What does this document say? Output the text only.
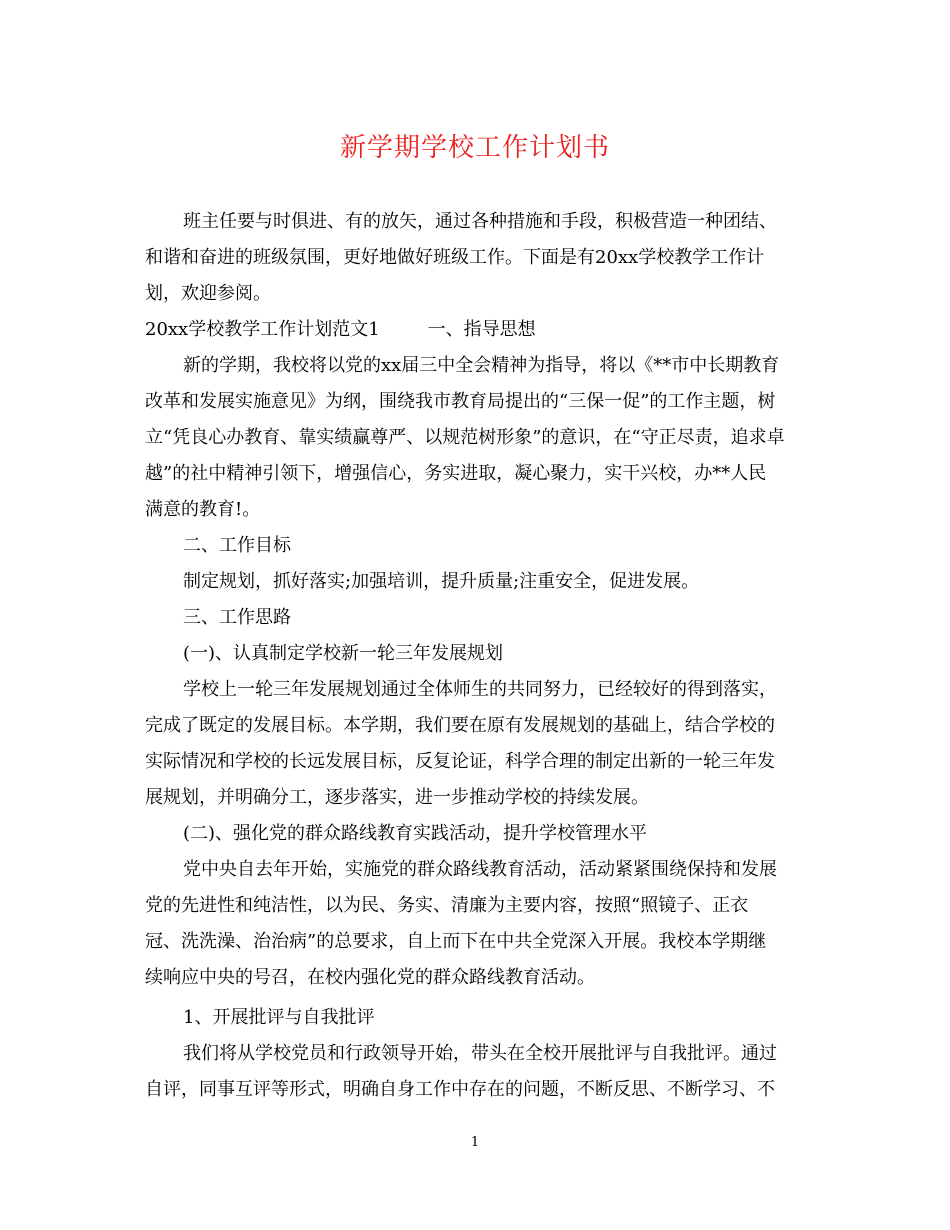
新学期学校工作计划书
班主任要与时俱进、有的放矢，通过各种措施和手段，积极营造一种团结、
和谐和奋进的班级氛围，更好地做好班级工作。下面是有20xx学校教学工作计
划，欢迎参阅。
20xx学校教学工作计划范文1	一、指导思想
新的学期，我校将以党的xx届三中全会精神为指导，将以《**市中长期教育
改革和发展实施意见》为纲，围绕我市教育局提出的“三保一促”的工作主题，树
立“凭良心办教育、靠实绩赢尊严、以规范树形象”的意识，在“守正尽责，追求卓
越”的社中精神引领下，增强信心，务实进取，凝心聚力，实干兴校，办**人民
满意的教育!。
二、工作目标
制定规划，抓好落实;加强培训，提升质量;注重安全，促进发展。
三、工作思路
(一)、认真制定学校新一轮三年发展规划
学校上一轮三年发展规划通过全体师生的共同努力，已经较好的得到落实，
完成了既定的发展目标。本学期，我们要在原有发展规划的基础上，结合学校的
实际情况和学校的长远发展目标，反复论证，科学合理的制定出新的一轮三年发
展规划，并明确分工，逐步落实，进一步推动学校的持续发展。
(二)、强化党的群众路线教育实践活动，提升学校管理水平
党中央自去年开始，实施党的群众路线教育活动，活动紧紧围绕保持和发展
党的先进性和纯洁性，以为民、务实、清廉为主要内容，按照“照镜子、正衣
冠、洗洗澡、治治病”的总要求，自上而下在中共全党深入开展。我校本学期继
续响应中央的号召，在校内强化党的群众路线教育活动。
1、开展批评与自我批评
我们将从学校党员和行政领导开始，带头在全校开展批评与自我批评。通过
自评，同事互评等形式，明确自身工作中存在的问题，不断反思、不断学习、不
1
